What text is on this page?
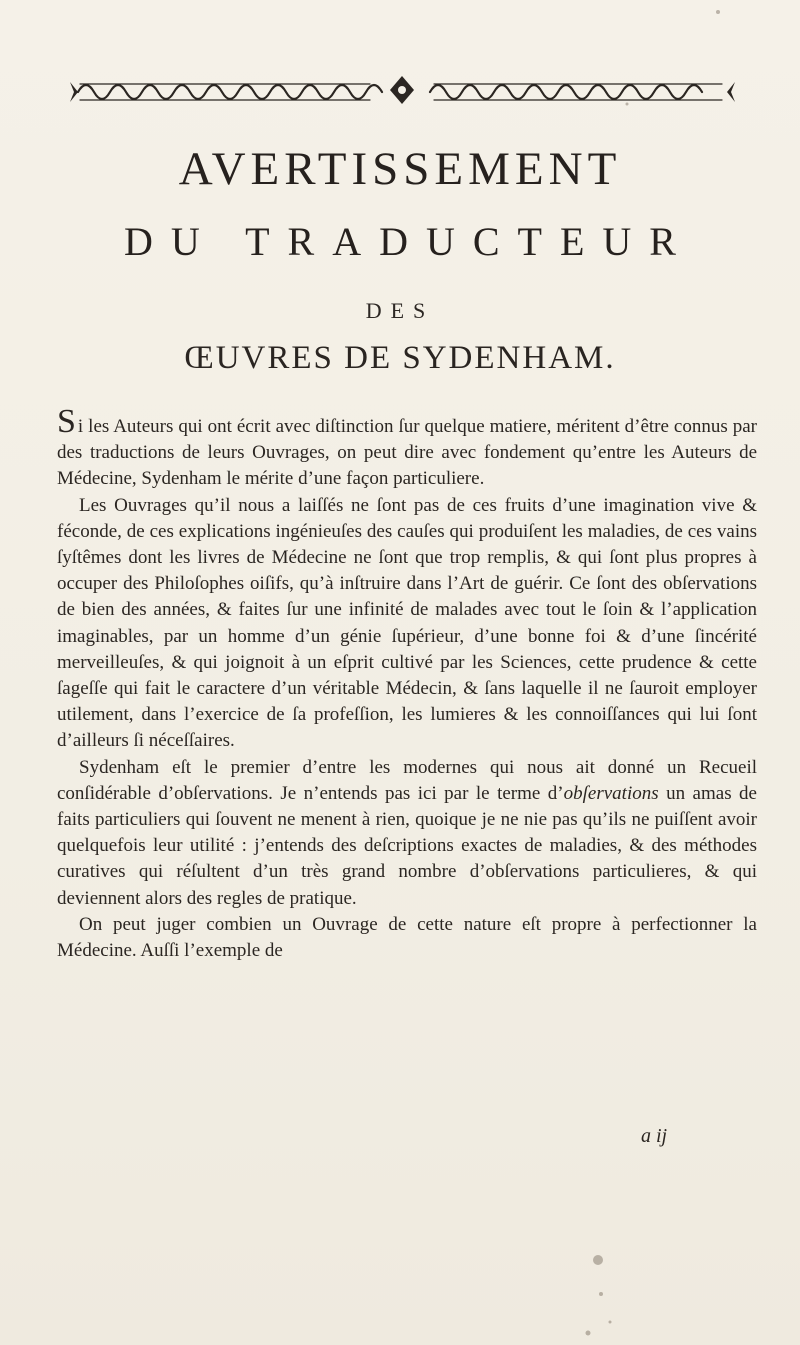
AVERTISSEMENT
DU TRADUCTEUR
DES
ŒUVRES DE SYDENHAM.

Si les Auteurs qui ont écrit avec diſtinction ſur quelque matiere, méritent d’être connus par des traductions de leurs Ouvrages, on peut dire avec fondement qu’entre les Auteurs de Médecine, Sydenham le mérite d’une façon particuliere.

Les Ouvrages qu’il nous a laiſſés ne ſont pas de ces fruits d’une imagination vive & féconde, de ces explications ingénieuſes des cauſes qui produiſent les maladies, de ces vains ſyſtêmes dont les livres de Médecine ne ſont que trop remplis, & qui ſont plus propres à occuper des Philoſophes oiſifs, qu’à inſtruire dans l’Art de guérir. Ce ſont des obſervations de bien des années, & faites ſur une infinité de malades avec tout le ſoin & l’application imaginables, par un homme d’un génie ſupérieur, d’une bonne foi & d’une ſincérité merveilleuſes, & qui joignoit à un eſprit cultivé par les Sciences, cette prudence & cette ſageſſe qui fait le caractere d’un véritable Médecin, & ſans laquelle il ne ſauroit employer utilement, dans l’exercice de ſa profeſſion, les lumieres & les connoiſſances qui lui ſont d’ailleurs ſi néceſſaires.

Sydenham eſt le premier d’entre les modernes qui nous ait donné un Recueil conſidérable d’obſervations. Je n’entends pas ici par le terme d’obſervations un amas de faits particuliers qui ſouvent ne menent à rien, quoique je ne nie pas qu’ils ne puiſſent avoir quelquefois leur utilité : j’entends des deſcriptions exactes de maladies, & des méthodes curatives qui réſultent d’un très grand nombre d’obſervations particulieres, & qui deviennent alors des regles de pratique.

On peut juger combien un Ouvrage de cette nature eſt propre à perfectionner la Médecine. Auſſi l’exemple de

a ij
